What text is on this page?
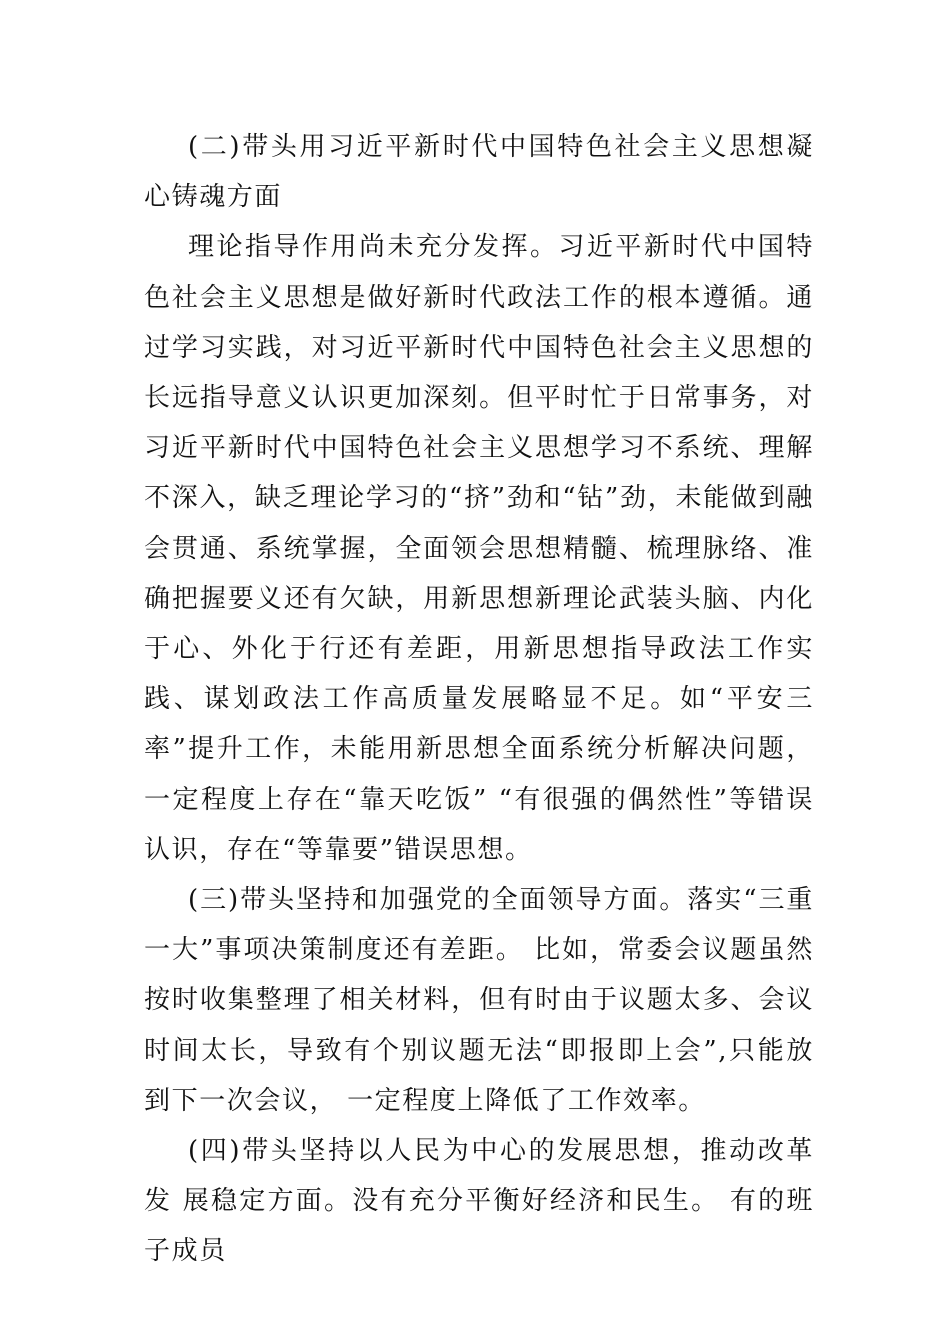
(二)带头用习近平新时代中国特色社会主义思想凝心铸魂方面

理论指导作用尚未充分发挥。习近平新时代中国特色社会主义思想是做好新时代政法工作的根本遵循。通过学习实践，对习近平新时代中国特色社会主义思想的长远指导意义认识更加深刻。但平时忙于日常事务，对习近平新时代中国特色社会主义思想学习不系统、理解不深入，缺乏理论学习的“挤”劲和“钻”劲，未能做到融会贯通、系统掌握，全面领会思想精髓、梳理脉络、准确把握要义还有欠缺，用新思想新理论武装头脑、内化于心、外化于行还有差距，用新思想指导政法工作实践、谋划政法工作高质量发展略显不足。如“平安三率”提升工作，未能用新思想全面系统分析解决问题， 一定程度上存在“靠天吃饭” “有很强的偶然性”等错误认识，存在“等靠要”错误思想。

(三)带头坚持和加强党的全面领导方面。落实“三重 一大”事项决策制度还有差距。 比如，常委会议题虽然按时收集整理了相关材料，但有时由于议题太多、会议时间太长，导致有个别议题无法“即报即上会”,只能放到下一次会议， 一定程度上降低了工作效率。

(四)带头坚持以人民为中心的发展思想，推动改革发 展稳定方面。没有充分平衡好经济和民生。 有的班子成员
